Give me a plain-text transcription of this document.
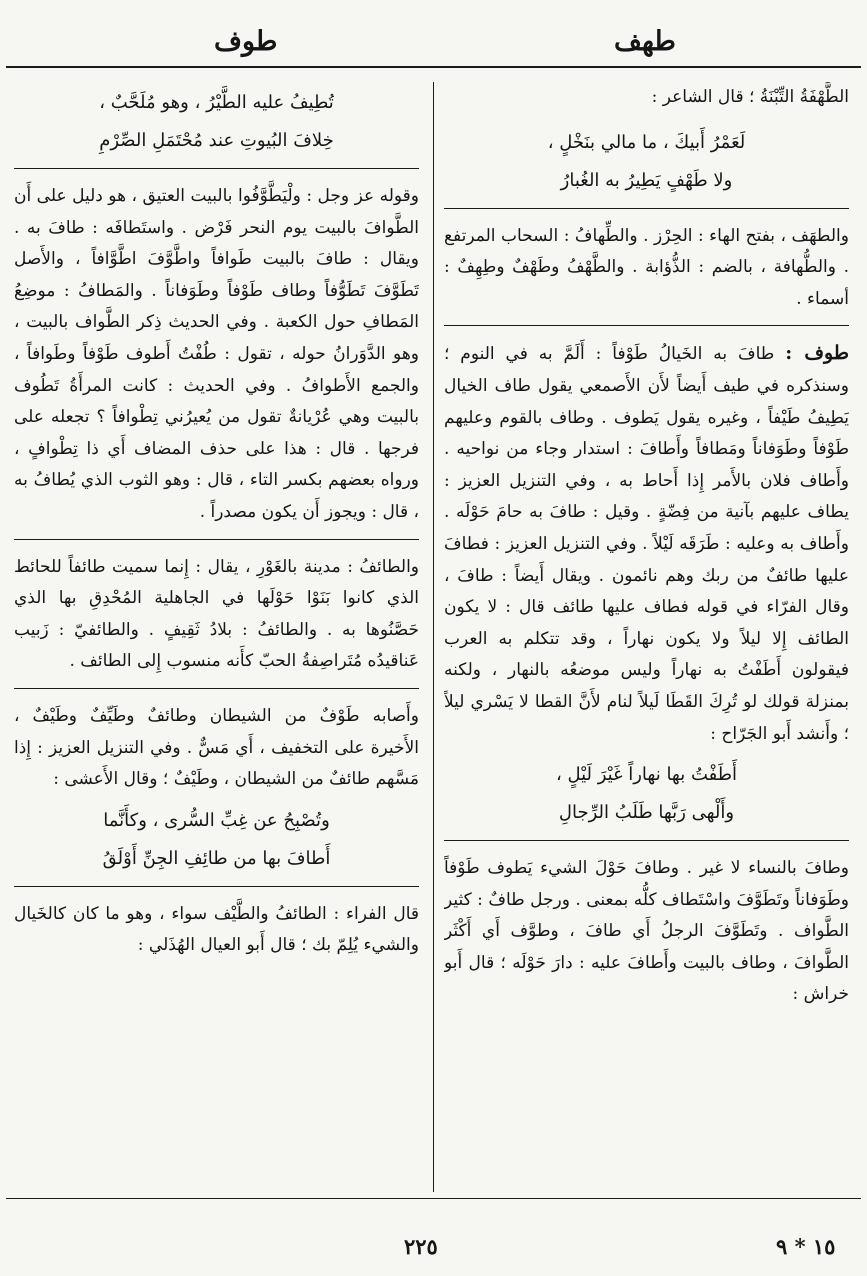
طهف
طوف

الطَّهْفَةُ التِّبْنَةُ ؛ قال الشاعر :

لَعَمْرُ أَبيكَ ، ما مالي بنَخْلٍ ،
ولا طَهْفٍ يَطِيرُ به الغُبارُ

والطهَف ، بفتح الهاء : الحِرْز . والطِّهافُ : السحاب المرتفع . والطُّهافة ، بالضم : الذُّؤابة . والطَّهْفُ وطَهْفٌ وطِهِفٌ : أسماء .

طوف : طافَ به الخَيالُ طَوْفاً : أَلَمَّ به في النوم ؛ وسنذكره في طيف أَيضاً لأَن الأَصمعي يقول طاف الخيال يَطِيفُ طَيْفاً ، وغيره يقول يَطوف . وطاف بالقوم وعليهم طَوْفاً وطَوَفاناً ومَطافاً وأَطافَ : استدار وجاء من نواحيه . وأَطاف فلان بالأَمر إِذا أَحاط به ، وفي التنزيل العزيز : يطاف عليهم بآنية من فِضّةٍ . وقيل : طافَ به حامَ حَوْلَه . وأَطاف به وعليه : طَرَقَه لَيْلاً . وفي التنزيل العزيز : فطافَ عليها طائفٌ من ربك وهم نائمون . ويقال أَيضاً : طافَ ، وقال الفرّاء في قوله فطاف عليها طائف قال : لا يكون الطائف إِلا ليلاً ولا يكون نهاراً ، وقد تتكلم به العرب فيقولون أَطَفْتُ به نهاراً وليس موضعُه بالنهار ، ولكنه بمنزلة قولك لو تُرِكَ القَطَا لَيلاً لنام لأَنَّ القطا لا يَسْري ليلاً ؛ وأَنشد أَبو الجَرّاح :

أَطَفْتُ بها نهاراً غَيْرَ لَيْلٍ ،
وأَلْهى رَبَّها طَلَبُ الرِّجالِ

وطافَ بالنساء لا غير . وطافَ حَوْلَ الشيء يَطوف طَوْفاً وطَوَفاناً وتَطَوَّفَ واسْتَطاف كلُّه بمعنى . ورجل طافٌ : كثير الطَّواف . وتَطَوَّفَ الرجلُ أَي طافَ ، وطوَّف أَي أَكْثَر الطَّوافَ ، وطاف بالبيت وأَطافَ عليه : دارَ حَوْلَه ؛ قال أَبو خراش :

تُطِيفُ عليه الطَّيْرُ ، وهو مُلَحَّبٌ ،
خِلافَ البُيوتِ عند مُحْتَمَلِ الصِّرْمِ

وقوله عز وجل : ولْيَطَّوَّفُوا بالبيت العتيق ، هو دليل على أَن الطَّوافَ بالبيت يوم النحر فَرْض . واستَطافَه : طافَ به . ويقال : طافَ بالبيت طَوافاً واطَّوَّفَ اطَّوَّافاً ، والأَصل تَطَوَّفَ تَطَوُّفاً وطاف طَوْفاً وطَوَفاناً . والمَطافُ : موضِعُ المَطافِ حول الكعبة . وفي الحديث ذِكر الطَّواف بالبيت ، وهو الدَّوَرانُ حوله ، تقول : طُفْتُ أَطوف طَوْفاً وطَوافاً ، والجمع الأَطوافُ . وفي الحديث : كانت المرأَةُ تَطُوف بالبيت وهي عُرْيانةٌ تقول من يُعيرُني تِطْوافاً ؟ تجعله على فرجها . قال : هذا على حذف المضاف أَي ذا تِطْوافٍ ، ورواه بعضهم بكسر التاء ، قال : وهو الثوب الذي يُطافُ به ، قال : ويجوز أَن يكون مصدراً .

والطائفُ : مدينة بالغَوْرِ ، يقال : إِنما سميت طائفاً للحائط الذي كانوا بَنَوْا حَوْلَها في الجاهلية المُحْدِقِ بها الذي حَصَّنُوها به . والطائفُ : بلادُ ثَقِيفٍ . والطائفيّ : زَبيب عَناقيدُه مُتَراصِفةُ الحبّ كأَنه منسوب إِلى الطائف .

وأَصابه طَوْفٌ من الشيطان وطائفٌ وطَيِّفٌ وطَيْفٌ ، الأَخيرة على التخفيف ، أَي مَسٌّ . وفي التنزيل العزيز : إِذا مَسَّهم طائفٌ من الشيطان ، وطَيْفٌ ؛ وقال الأَعشى :

وتُصْبِحُ عن غِبِّ السُّرى ، وكأَنَّما
أَطافَ بها من طائِفِ الجِنِّ أَوْلَقُ

قال الفراء : الطائفُ والطَّيْف سواء ، وهو ما كان كالخَيال والشيء يُلِمّ بك ؛ قال أَبو العيال الهُذَلي :

٢٢٥	١٥ * ٩
